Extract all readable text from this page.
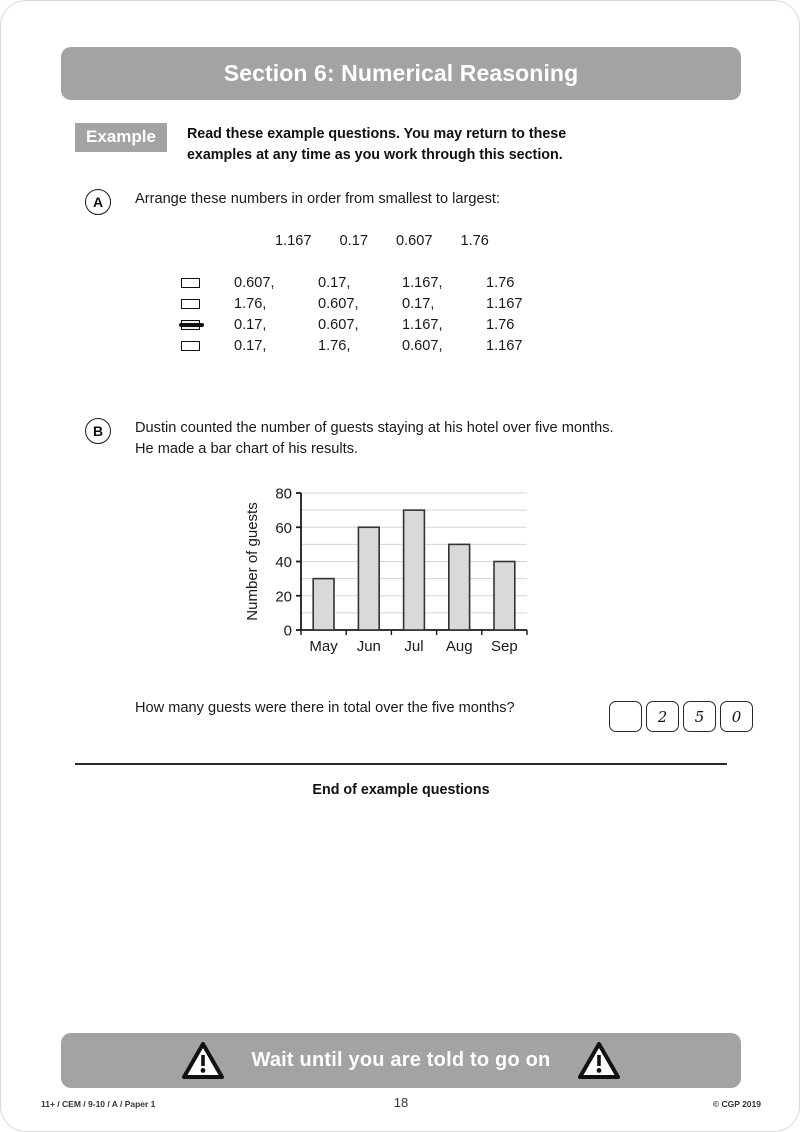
Section 6: Numerical Reasoning
Example	Read these example questions. You may return to these
examples at any time as you work through this section.
A	Arrange these numbers in order from smallest to largest:
1.167 0.17 0.607 1.76
0.607,	0.17,	1.167,	1.76
1.76,	0.607,	0.17,	1.167
0.17,	0.607,	1.167,	1.76
0.17,	1.76,	0.607,	1.167
B	Dustin counted the number of guests staying at his hotel over five months.
He made a bar chart of his results.
0
20
40
60
80
May Jun Jul Aug Sep
Number of guests
How many guests were there in total over the five months?	2	5	0
End of example questions
Wait until you are told to go on
11+ / CEM / 9-10 / A / Paper 1	© CGP 2019
18
